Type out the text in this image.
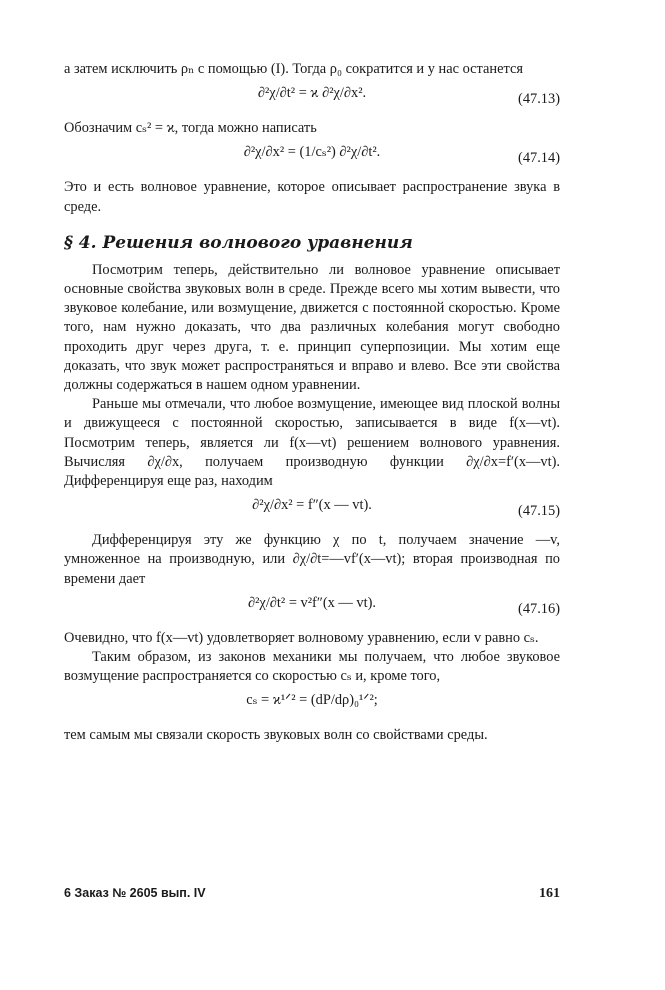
а затем исключить ρₙ с помощью (I). Тогда ρ₀ сократится и у нас останется

∂²χ/∂t² = ϰ ∂²χ/∂x².	(47.13)

Обозначим cₛ² = ϰ, тогда можно написать

∂²χ/∂x² = (1/cₛ²) ∂²χ/∂t².	(47.14)

Это и есть волновое уравнение, которое описывает распространение звука в среде.

§ 4. Решения волнового уравнения

Посмотрим теперь, действительно ли волновое уравнение описывает основные свойства звуковых волн в среде. Прежде всего мы хотим вывести, что звуковое колебание, или возмущение, движется с постоянной скоростью. Кроме того, нам нужно доказать, что два различных колебания могут свободно проходить друг через друга, т. е. принцип суперпозиции. Мы хотим еще доказать, что звук может распространяться и вправо и влево. Все эти свойства должны содержаться в нашем одном уравнении.

Раньше мы отмечали, что любое возмущение, имеющее вид плоской волны и движущееся с постоянной скоростью, записывается в виде f(x—vt). Посмотрим теперь, является ли f(x—vt) решением волнового уравнения. Вычисляя ∂χ/∂x, получаем производную функции ∂χ/∂x=f′(x—vt). Дифференцируя еще раз, находим

∂²χ/∂x² = f″(x — vt).	(47.15)

Дифференцируя эту же функцию χ по t, получаем значение —v, умноженное на производную, или ∂χ/∂t=—vf′(x—vt); вторая производная по времени дает

∂²χ/∂t² = v²f″(x — vt).	(47.16)

Очевидно, что f(x—vt) удовлетворяет волновому уравнению, если v равно cₛ.

Таким образом, из законов механики мы получаем, что любое звуковое возмущение распространяется со скоростью cₛ и, кроме того,

cₛ = ϰ¹ᐟ² = (dP/dρ)₀¹ᐟ²;

тем самым мы связали скорость звуковых волн со свойствами среды.

6 Заказ № 2605 вып. IV	161
